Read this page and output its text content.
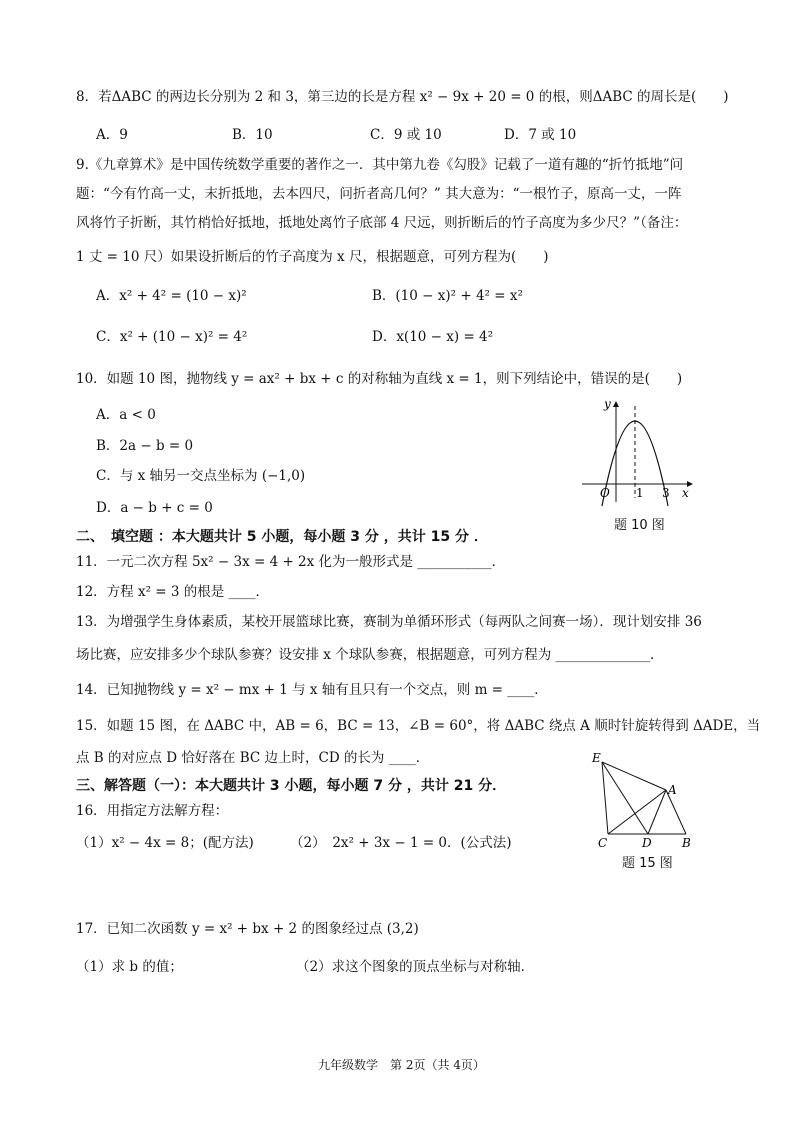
8．若ΔABC 的两边长分别为 2 和 3，第三边的长是方程 x² − 9x + 20 = 0 的根，则ΔABC 的周长是(　　)
A．9	B．10	C．9 或 10	D．7 或 10
9.《九章算术》是中国传统数学重要的著作之一．其中第九卷《勾股》记载了一道有趣的“折竹抵地”问
题：“今有竹高一丈，末折抵地，去本四尺，问折者高几何？” 其大意为：“一根竹子，原高一丈，一阵
风将竹子折断，其竹梢恰好抵地，抵地处离竹子底部 4 尺远，则折断后的竹子高度为多少尺？”（备注：
1 丈 = 10 尺）如果设折断后的竹子高度为 x 尺，根据题意，可列方程为(　　)
A．x² + 4² = (10 − x)²	B．(10 − x)² + 4² = x²
C．x² + (10 − x)² = 4²	D．x(10 − x) = 4²
10．如题 10 图，抛物线 y = ax² + bx + c 的对称轴为直线 x = 1，则下列结论中，错误的是(　　)
A．a < 0
B．2a − b = 0
C．与 x 轴另一交点坐标为 (−1,0)
D．a − b + c = 0
y
x
O 1 3
题 10 图
二、　填空题 ：本大题共计 5 小题，每小题 3 分 ，共计 15 分 ．
11．一元二次方程 5x² − 3x = 4 + 2x 化为一般形式是 ___________．
12．方程 x² = 3 的根是 ____．
13．为增强学生身体素质，某校开展篮球比赛，赛制为单循环形式（每两队之间赛一场）．现计划安排 36
场比赛，应安排多少个球队参赛？设安排 x 个球队参赛，根据题意，可列方程为 ______________．
14．已知抛物线 y = x² − mx + 1 与 x 轴有且只有一个交点，则 m = ____．
15．如题 15 图，在 ΔABC 中，AB = 6，BC = 13，∠B = 60°，将 ΔABC 绕点 A 顺时针旋转得到 ΔADE，当
点 B 的对应点 D 恰好落在 BC 边上时，CD 的长为 ____．	E
A
C	D	B
题 15 图
三、解答题（一）：本大题共计 3 小题，每小题 7 分 ，共计 21 分．
16．用指定方法解方程：
（1）x² − 4x = 8；(配方法)	（2）　2x² + 3x − 1 = 0．(公式法)
17．已知二次函数 y = x² + bx + 2 的图象经过点 (3,2)
（1）求 b 的值；	（2）求这个图象的顶点坐标与对称轴．
九年级数学　第 2页（共 4页）
